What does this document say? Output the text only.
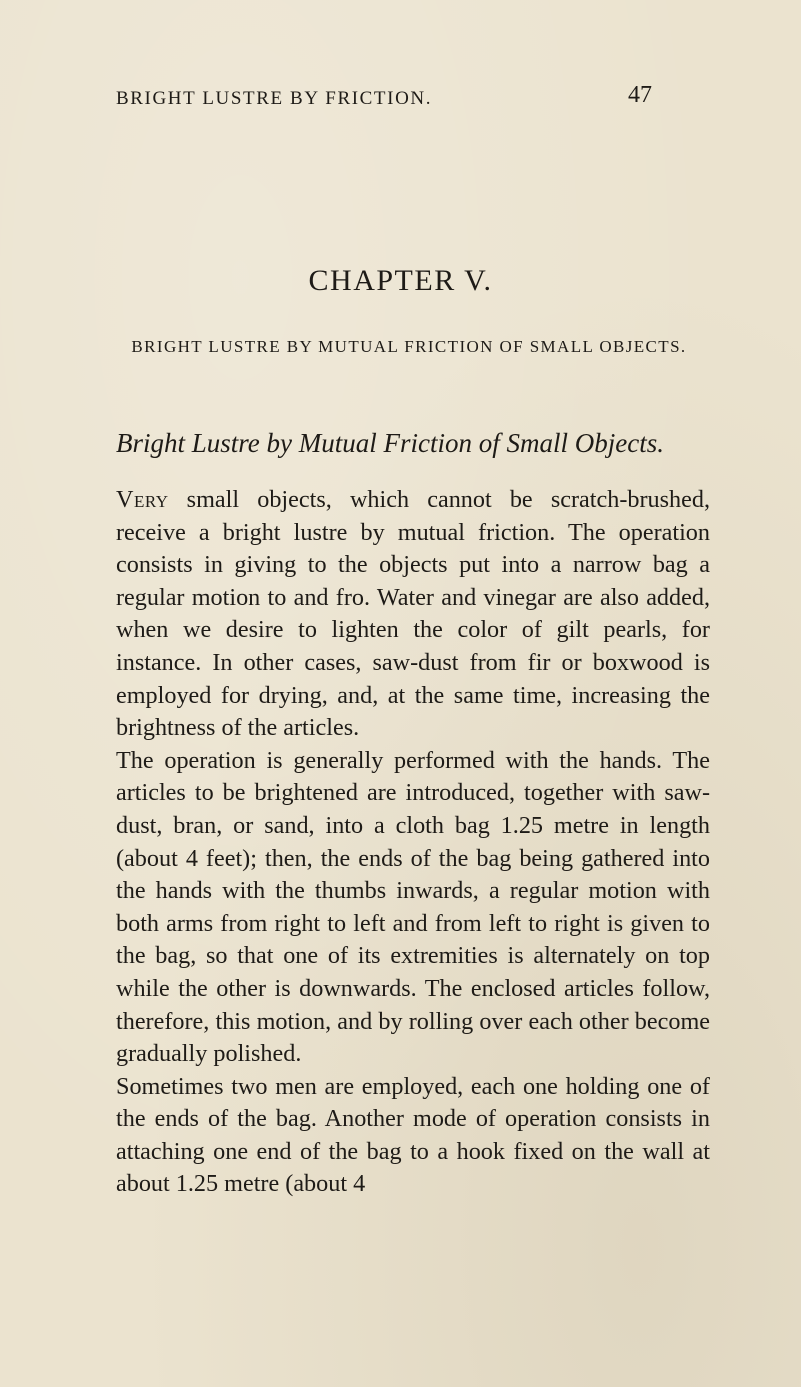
BRIGHT LUSTRE BY FRICTION.	47
CHAPTER V.
BRIGHT LUSTRE BY MUTUAL FRICTION OF SMALL OBJECTS.
Bright Lustre by Mutual Friction of Small Objects.

Very small objects, which cannot be scratch-brushed, receive a bright lustre by mutual friction. The operation consists in giving to the objects put into a narrow bag a regular motion to and fro. Water and vinegar are also added, when we desire to lighten the color of gilt pearls, for instance. In other cases, saw-dust from fir or boxwood is employed for drying, and, at the same time, increasing the brightness of the articles.

The operation is generally performed with the hands. The articles to be brightened are introduced, together with saw-dust, bran, or sand, into a cloth bag 1.25 metre in length (about 4 feet); then, the ends of the bag being gathered into the hands with the thumbs inwards, a regular motion with both arms from right to left and from left to right is given to the bag, so that one of its extremities is alternately on top while the other is downwards. The enclosed articles follow, therefore, this motion, and by rolling over each other become gradually polished.

Sometimes two men are employed, each one holding one of the ends of the bag. Another mode of operation consists in attaching one end of the bag to a hook fixed on the wall at about 1.25 metre (about 4
